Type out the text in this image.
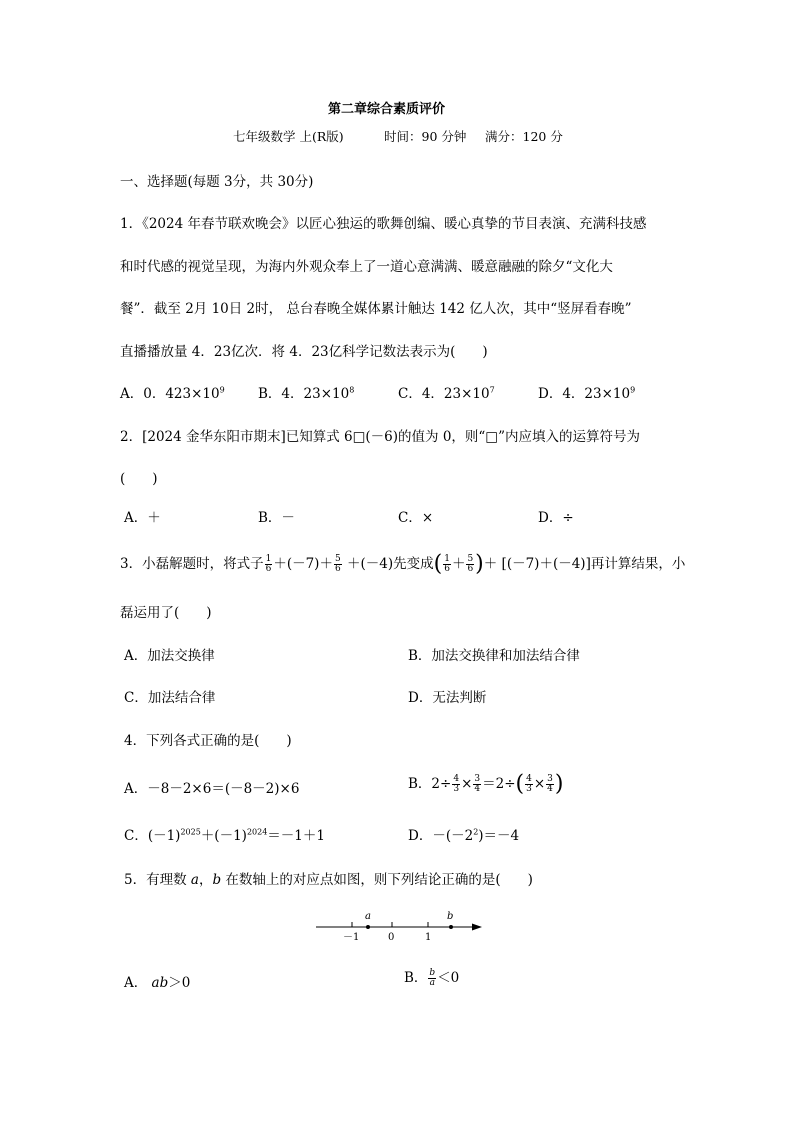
第二章综合素质评价
七年级数学 上(R版)	时间：90 分钟 满分：120 分
一、选择题(每题 3分，共 30分)
1．《2024 年春节联欢晚会》以匠心独运的歌舞创编、暖心真挚的节目表演、充满科技感
和时代感的视觉呈现，为海内外观众奉上了一道心意满满、暖意融融的除夕“文化大
餐”．截至 2月 10日 2时， 总台春晚全媒体累计触达 142 亿人次，其中“竖屏看春晚”
直播播放量 4．23亿次．将 4．23亿科学记数法表示为(　　)
A．0．$423\times 10^9$ B．4．$23\times 10^8$	C．4．$23\times 10^7$	D．4．$23\times 10^9$
2．[2024 金华东阳市期末]已知算式 6□(－6)的值为 0，则“□”内应填入的运算符号为
(　　)
A．＋	B．－	C．×	D．÷
3．小磊解题时，将式子 $\frac{1}{6} +(-7)+ \frac{5}{6} +(-4)$先变成( $\frac{1}{6} + \frac{5}{6}$ )＋ [(－7)＋(－4)]再计算结果，小
磊运用了(　　)
A．加法交换律	B．加法交换律和加法结合律
C．加法结合律	D．无法判断
4．下列各式正确的是(　　)
A．－8－2×6＝(－8－2)×6	B．$2\div \frac{4}{3} \times \frac{3}{4} =2\div( \frac{4}{3} \times \frac{3}{4}$ )
C．$(-1)^{2025}+(-1)^{2024}=-1+1$	D．$-(-2^2)=-4$
5．有理数 a，b 在数轴上的对应点如图，则下列结论正确的是(　　)
a	b
－1	0	1
A． ab＞0	B． $\frac{b}{a} <0$
